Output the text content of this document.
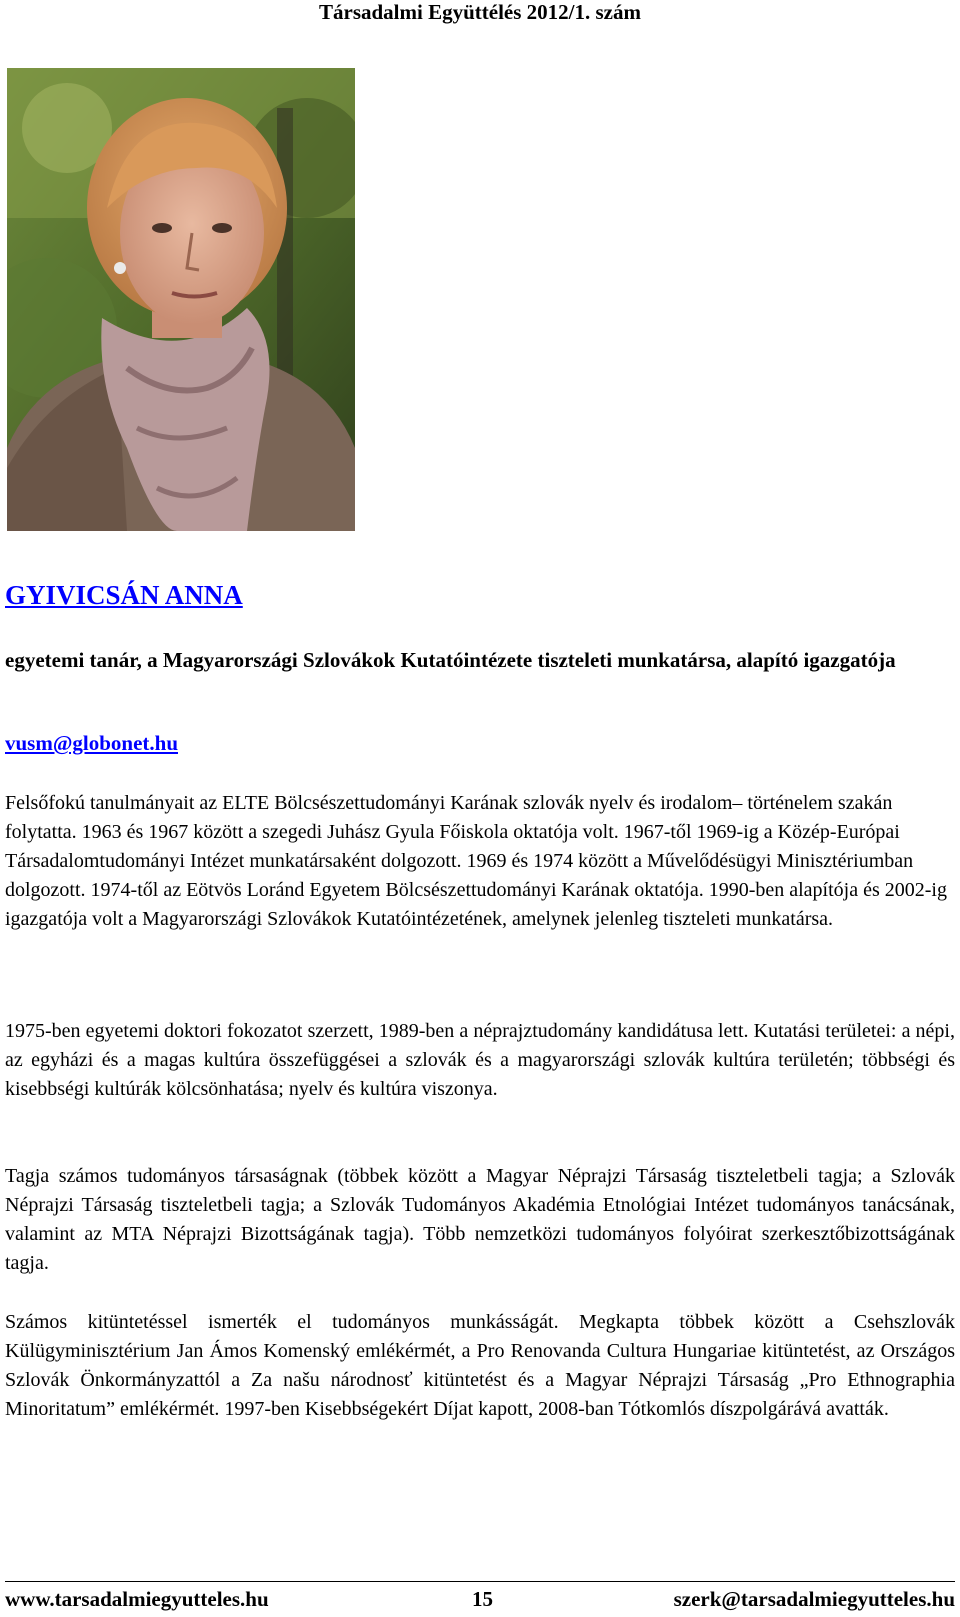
Társadalmi Együttélés 2012/1. szám
GYIVICSÁN ANNA
egyetemi tanár, a Magyarországi Szlovákok Kutatóintézete tiszteleti munkatársa, alapító igazgatója
vusm@globonet.hu

Felsőfokú tanulmányait az ELTE Bölcsészettudományi Karának szlovák nyelv és irodalom– történelem szakán folytatta. 1963 és 1967 között a szegedi Juhász Gyula Főiskola oktatója volt. 1967-től 1969-ig a Közép-Európai Társadalomtudományi Intézet munkatársaként dolgozott. 1969 és 1974 között a Művelődésügyi Minisztériumban dolgozott. 1974-től az Eötvös Loránd Egyetem Bölcsészettudományi Karának oktatója. 1990-ben alapítója és 2002-ig igazgatója volt a Magyarországi Szlovákok Kutatóintézetének, amelynek jelenleg tiszteleti munkatársa.

1975-ben egyetemi doktori fokozatot szerzett, 1989-ben a néprajztudomány kandidátusa lett. Kutatási területei: a népi, az egyházi és a magas kultúra összefüggései a szlovák és a magyarországi szlovák kultúra területén; többségi és kisebbségi kultúrák kölcsönhatása; nyelv és kultúra viszonya.

Tagja számos tudományos társaságnak (többek között a Magyar Néprajzi Társaság tiszteletbeli tagja; a Szlovák Néprajzi Társaság tiszteletbeli tagja; a Szlovák Tudományos Akadémia Etnológiai Intézet tudományos tanácsának, valamint az MTA Néprajzi Bizottságának tagja). Több nemzetközi tudományos folyóirat szerkesztőbizottságának tagja.

Számos kitüntetéssel ismerték el tudományos munkásságát. Megkapta többek között a Csehszlovák Külügyminisztérium Jan Ámos Komenský emlékérmét, a Pro Renovanda Cultura Hungariae kitüntetést, az Országos Szlovák Önkormányzattól a Za našu národnosť kitüntetést és a Magyar Néprajzi Társaság „Pro Ethnographia Minoritatum” emlékérmét. 1997-ben Kisebbségekért Díjat kapott, 2008-ban Tótkomlós díszpolgárává avatták.

www.tarsadalmiegyutteles.hu	15	szerk@tarsadalmiegyutteles.hu
